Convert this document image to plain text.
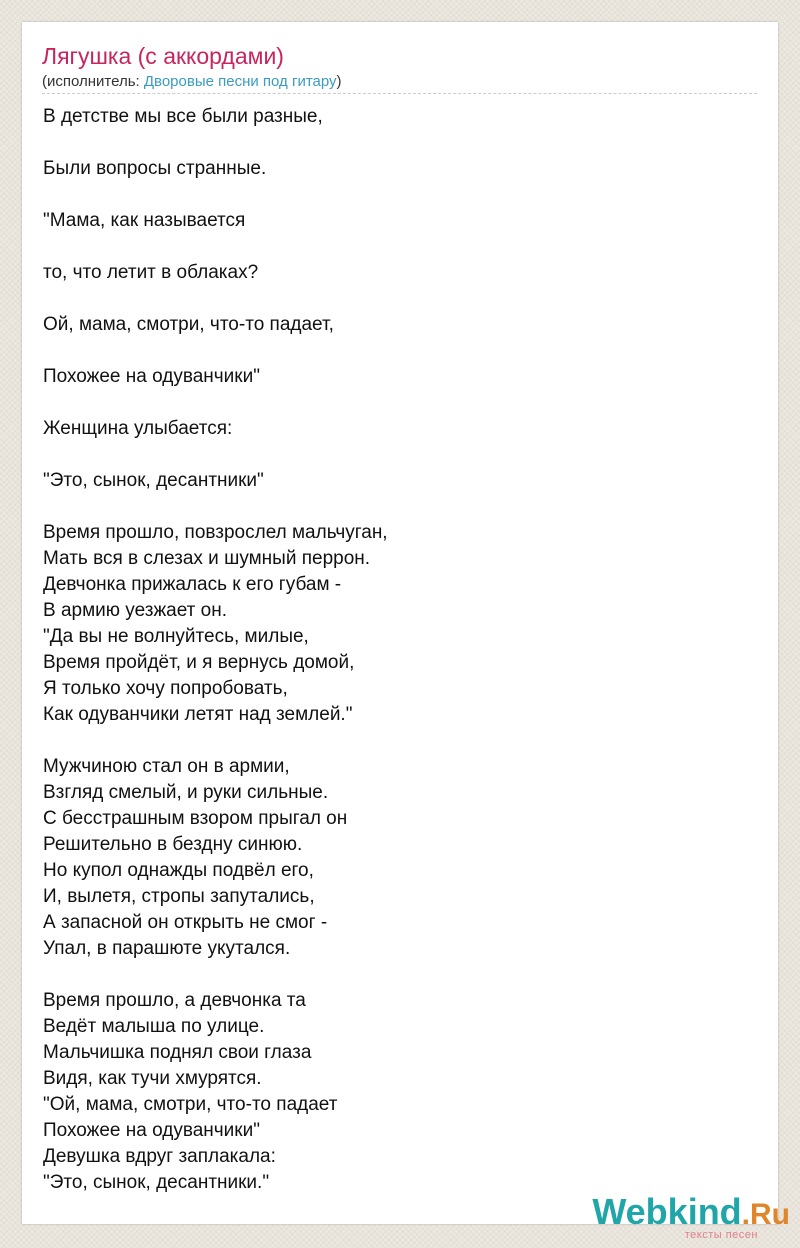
Лягушка (с аккордами)
(исполнитель: Дворовые песни под гитару)
В детстве мы все были разные,
Были вопросы странные.
"Мама, как называется
то, что летит в облаках?
Ой, мама, смотри, что-то падает,
Похожее на одуванчики"
Женщина улыбается:
"Это, сынок, десантники"
Время прошло, повзрослел мальчуган,
Мать вся в слезах и шумный перрон.
Девчонка прижалась к его губам -
В армию уезжает он.
"Да вы не волнуйтесь, милые,
Время пройдёт, и я вернусь домой,
Я только хочу попробовать,
Как одуванчики летят над землей."
Мужчиною стал он в армии,
Взгляд смелый, и руки сильные.
С бесстрашным взором прыгал он
Решительно в бездну синюю.
Но купол однажды подвёл его,
И, вылетя, стропы запутались,
А запасной он открыть не смог -
Упал, в парашюте укутался.
Время прошло, а девчонка та
Ведёт малыша по улице.
Мальчишка поднял свои глаза
Видя, как тучи хмурятся.
"Ой, мама, смотри, что-то падает
Похожее на одуванчики"
Девушка вдруг заплакала:
"Это, сынок, десантники."
Webkind.Ru
тексты песен
